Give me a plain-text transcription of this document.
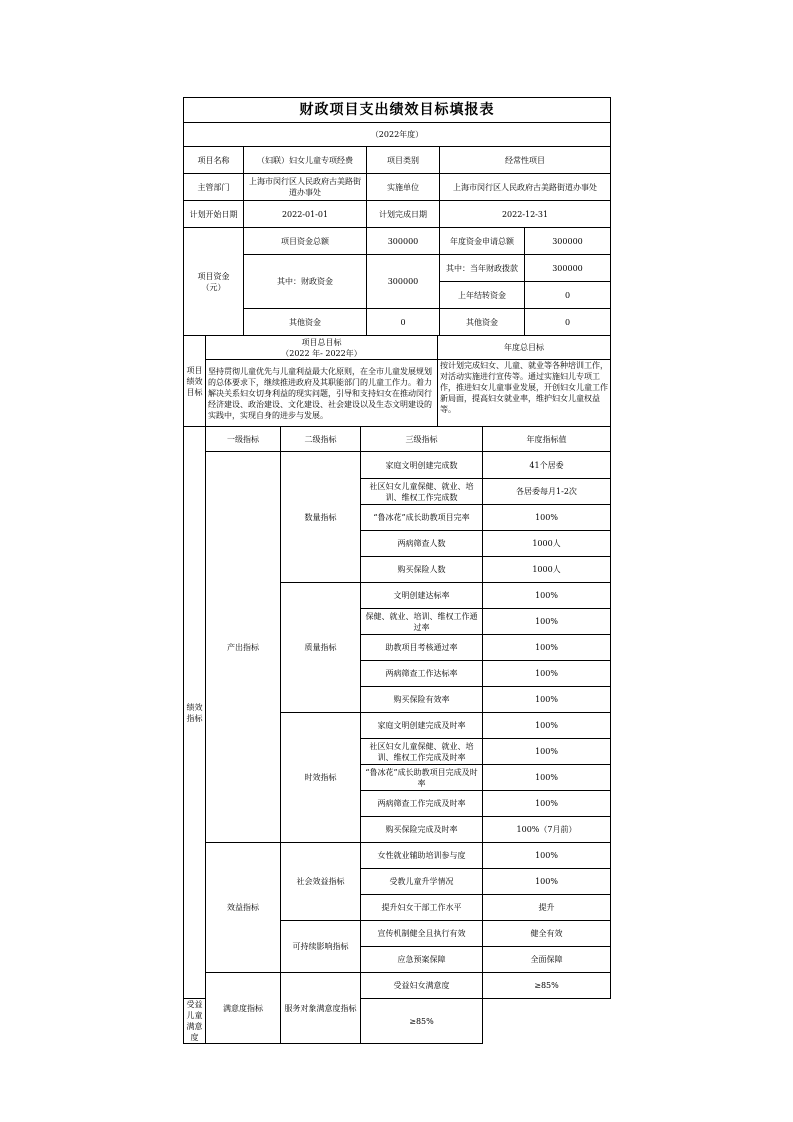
财政项目支出绩效目标填报表				
（2022年度）				
项目名称	（妇联）妇女儿童专项经费	项目类别	经常性项目	
主管部门	上海市闵行区人民政府古美路街道办事处	实施单位	上海市闵行区人民政府古美路街道办事处	
计划开始日期	2022-01-01	计划完成日期	2022-12-31	
项目资金（元）	项目资金总额	300000	年度资金申请总额	300000
	其中：财政资金	300000	其中：当年财政拨款	300000
			上年结转资金	0
	其他资金	0	其他资金	0
项目绩效目标	项目总目标
（2022 年- 2022年）	年度总目标
	坚持贯彻儿童优先与儿童利益最大化原则，在全市儿童发展规划的总体要求下，继续推进政府及其职能部门的儿童工作力。着力解决关系妇女切身利益的现实问题，引导和支持妇女在推动闵行经济建设、政治建设、文化建设、社会建设以及生态文明建设的实践中，实现自身的进步与发展。	按计划完成妇女、儿童、就业等各种培训工作，对活动实施进行宣传等。通过实施妇儿专项工作，推进妇女儿童事业发展，开创妇女儿童工作新局面，提高妇女就业率，维护妇女儿童权益等。
绩效指标	一级指标	二级指标	三级指标	年度指标值
	产出指标	数量指标	家庭文明创建完成数	41个居委
			社区妇女儿童保健、就业、培训、维权工作完成数	各居委每月1-2次
			“鲁冰花”成长助教项目完率	100%
			两病筛查人数	1000人
			购买保险人数	1000人
		质量指标	文明创建达标率	100%
			保健、就业、培训、维权工作通过率	100%
			助教项目考核通过率	100%
			两病筛查工作达标率	100%
			购买保险有效率	100%
		时效指标	家庭文明创建完成及时率	100%
			社区妇女儿童保健、就业、培训、维权工作完成及时率	100%
			“鲁冰花”成长助教项目完成及时率	100%
			两病筛查工作完成及时率	100%
			购买保险完成及时率	100%（7月前）
	效益指标	社会效益指标	女性就业辅助培训参与度	100%
			受教儿童升学情况	100%
			提升妇女干部工作水平	提升
		可持续影响指标	宣传机制健全且执行有效	健全有效
			应急预案保障	全面保障
	满意度指标	服务对象满意度指标	受益妇女满意度	≥85%
受益儿童满意度			≥85%	
